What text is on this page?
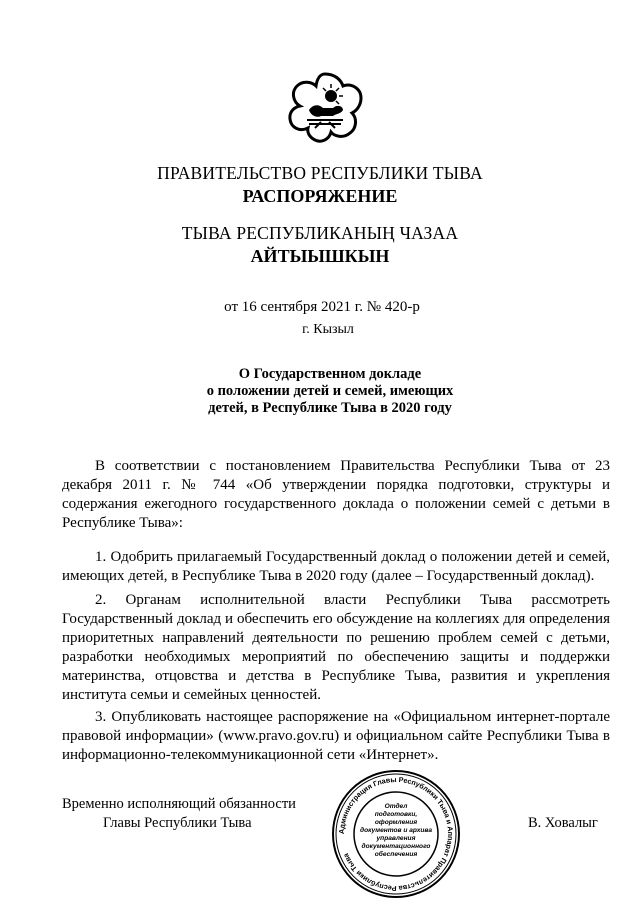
ПРАВИТЕЛЬСТВО РЕСПУБЛИКИ ТЫВА
РАСПОРЯЖЕНИЕ
ТЫВА РЕСПУБЛИКАНЫҢ ЧАЗАА
АЙТЫЫШКЫН
от 16 сентября 2021 г. № 420-р
г. Кызыл
О Государственном докладе
о положении детей и семей, имеющих
детей, в Республике Тыва в 2020 году

В соответствии с постановлением Правительства Республики Тыва от 23 декабря 2011 г. № 744 «Об утверждении порядка подготовки, структуры и содержания ежегодного государственного доклада о положении семей с детьми в Республике Тыва»:

1. Одобрить прилагаемый Государственный доклад о положении детей и семей, имеющих детей, в Республике Тыва в 2020 году (далее – Государственный доклад).

2. Органам исполнительной власти Республики Тыва рассмотреть Государственный доклад и обеспечить его обсуждение на коллегиях для определения приоритетных направлений деятельности по решению проблем семей с детьми, разработки необходимых мероприятий по обеспечению защиты и поддержки материнства, отцовства и детства в Республике Тыва, развития и укрепления института семьи и семейных ценностей.

3. Опубликовать настоящее распоряжение на «Официальном интернет-портале правовой информации» (www.pravo.gov.ru) и официальном сайте Республики Тыва в информационно-телекоммуникационной сети «Интернет».

Временно исполняющий обязанности
Главы Республики Тыва	В. Ховалыг
Администрация Главы Республики Тыва и Аппарат Правительства Республики Тыва
Отдел
подготовки,
оформления
документов и архива
управления
документационного
обеспечения
